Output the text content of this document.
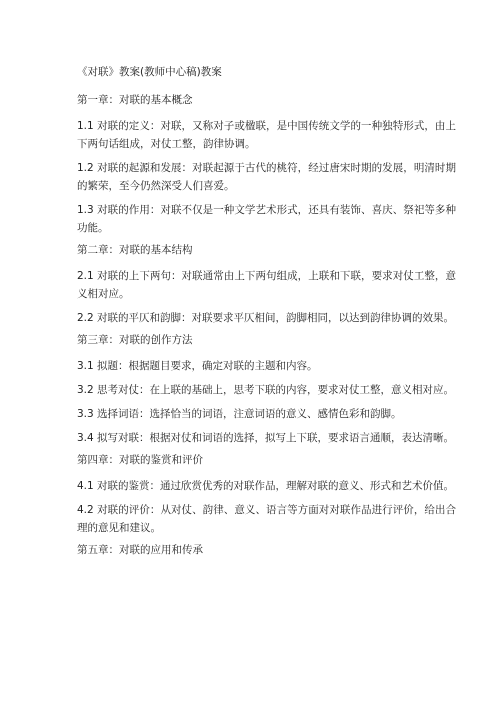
《对联》教案(教师中心稿)教案
第一章：对联的基本概念

1.1 对联的定义：对联，又称对子或楹联，是中国传统文学的一种独特形式，由上下两句话组成，对仗工整，韵律协调。

1.2 对联的起源和发展：对联起源于古代的桃符，经过唐宋时期的发展，明清时期的繁荣，至今仍然深受人们喜爱。

1.3 对联的作用：对联不仅是一种文学艺术形式，还具有装饰、喜庆、祭祀等多种功能。

第二章：对联的基本结构

2.1 对联的上下两句：对联通常由上下两句组成，上联和下联，要求对仗工整，意义相对应。

2.2 对联的平仄和韵脚：对联要求平仄相间，韵脚相同，以达到韵律协调的效果。

第三章：对联的创作方法

3.1 拟题：根据题目要求，确定对联的主题和内容。

3.2 思考对仗：在上联的基础上，思考下联的内容，要求对仗工整，意义相对应。

3.3 选择词语：选择恰当的词语，注意词语的意义、感情色彩和韵脚。

3.4 拟写对联：根据对仗和词语的选择，拟写上下联，要求语言通顺，表达清晰。

第四章：对联的鉴赏和评价

4.1 对联的鉴赏：通过欣赏优秀的对联作品，理解对联的意义、形式和艺术价值。

4.2 对联的评价：从对仗、韵律、意义、语言等方面对对联作品进行评价，给出合理的意见和建议。

第五章：对联的应用和传承
